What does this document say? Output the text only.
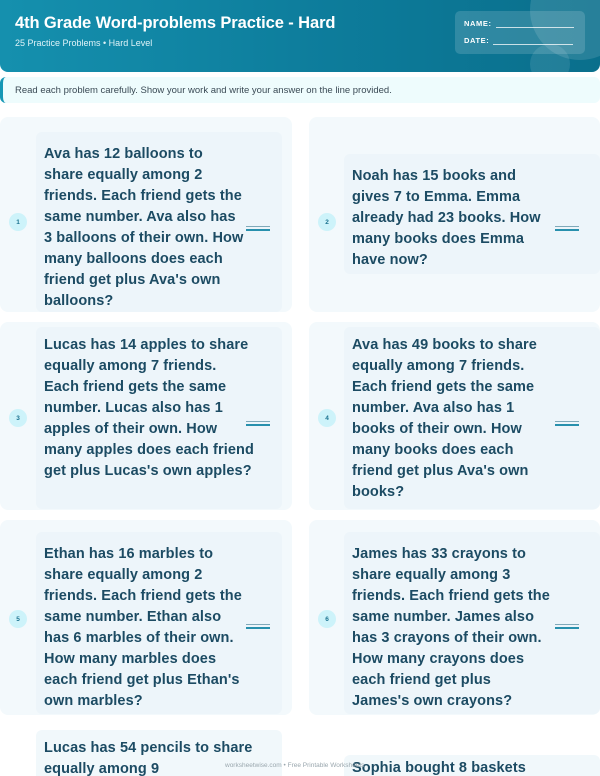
4th Grade Word-problems Practice - Hard
25 Practice Problems • Hard Level
NAME:
DATE:
Read each problem carefully. Show your work and write your answer on the line provided.
1
Ava has 12 balloons to share equally among 2 friends. Each friend gets the same number. Ava also has 3 balloons of their own. How many balloons does each friend get plus Ava's own balloons?
2
Noah has 15 books and gives 7 to Emma. Emma already had 23 books. How many books does Emma have now?
3
Lucas has 14 apples to share equally among 7 friends. Each friend gets the same number. Lucas also has 1 apples of their own. How many apples does each friend get plus Lucas's own apples?
4
Ava has 49 books to share equally among 7 friends. Each friend gets the same number. Ava also has 1 books of their own. How many books does each friend get plus Ava's own books?
5
Ethan has 16 marbles to share equally among 2 friends. Each friend gets the same number. Ethan also has 6 marbles of their own. How many marbles does each friend get plus Ethan's own marbles?
6
James has 33 crayons to share equally among 3 friends. Each friend gets the same number. James also has 3 crayons of their own. How many crayons does each friend get plus James's own crayons?
Lucas has 54 pencils to share equally among 9	Sophia bought 8 baskets
worksheetwise.com • Free Printable Worksheets
